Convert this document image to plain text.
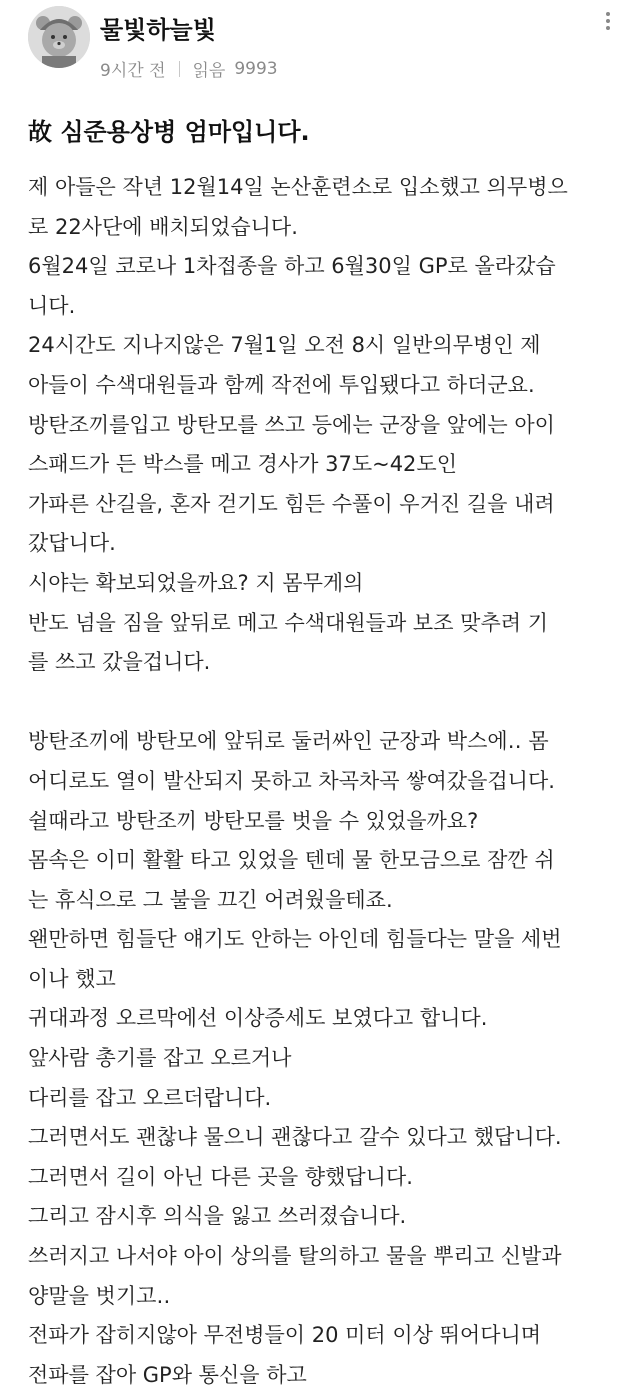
물빛하늘빛
9시간 전 읽음 9993
故 심준용상병 엄마입니다.
제 아들은 작년 12월14일 논산훈련소로 입소했고 의무병으
로 22사단에 배치되었습니다.
6월24일 코로나 1차접종을 하고 6월30일 GP로 올라갔습
니다.
24시간도 지나지않은 7월1일 오전 8시 일반의무병인 제
아들이 수색대원들과 함께 작전에 투입됐다고 하더군요.
방탄조끼를입고 방탄모를 쓰고 등에는 군장을 앞에는 아이
스패드가 든 박스를 메고 경사가 37도~42도인
가파른 산길을, 혼자 걷기도 힘든 수풀이 우거진 길을 내려
갔답니다.
시야는 확보되었을까요? 지 몸무게의
반도 넘을 짐을 앞뒤로 메고 수색대원들과 보조 맞추려 기
를 쓰고 갔을겁니다.
방탄조끼에 방탄모에 앞뒤로 둘러싸인 군장과 박스에‥ 몸
어디로도 열이 발산되지 못하고 차곡차곡 쌓여갔을겁니다.
쉴때라고 방탄조끼 방탄모를 벗을 수 있었을까요?
몸속은 이미 활활 타고 있었을 텐데 물 한모금으로 잠깐 쉬
는 휴식으로 그 불을 끄긴 어려웠을테죠.
왠만하면 힘들단 얘기도 안하는 아인데 힘들다는 말을 세번
이나 했고
귀대과정 오르막에선 이상증세도 보였다고 합니다.
앞사람 총기를 잡고 오르거나
다리를 잡고 오르더랍니다.
그러면서도 괜찮냐 물으니 괜찮다고 갈수 있다고 했답니다.
그러면서 길이 아닌 다른 곳을 향했답니다.
그리고 잠시후 의식을 잃고 쓰러졌습니다.
쓰러지고 나서야 아이 상의를 탈의하고 물을 뿌리고 신발과
양말을 벗기고‥
전파가 잡히지않아 무전병들이 20 미터 이상 뛰어다니며
전파를 잡아 GP와 통신을 하고
